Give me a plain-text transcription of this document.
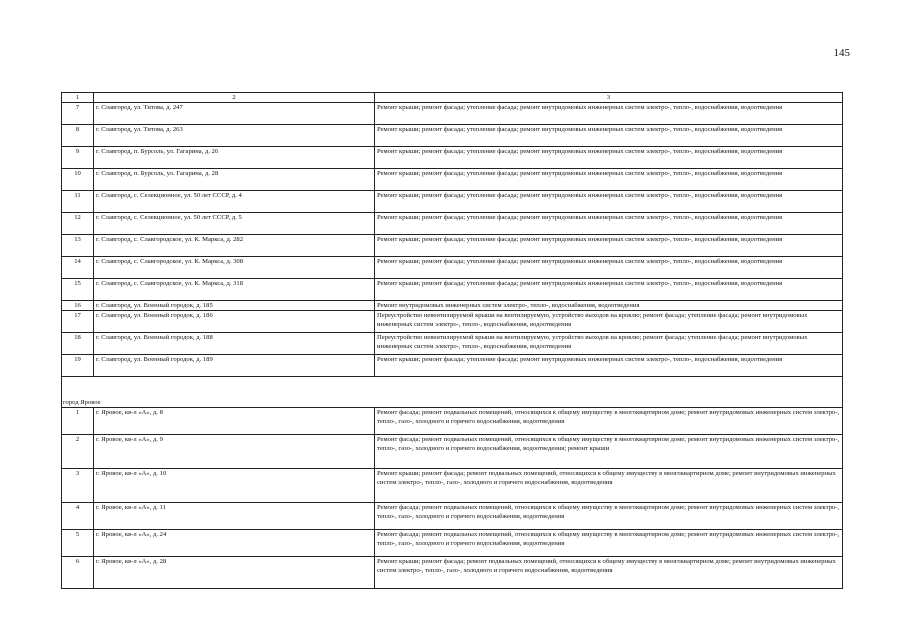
145
1	2	3
7	г. Славгород, ул. Титова, д. 247	Ремонт крыши; ремонт фасада; утепление фасада; ремонт внутридомовых инженерных систем электро-, тепло-, водоснабжения, водоотведения
8	г. Славгород, ул. Титова, д. 263	Ремонт крыши; ремонт фасада; утепление фасада; ремонт внутридомовых инженерных систем электро-, тепло-, водоснабжения, водоотведения
9	г. Славгород, п. Бурсоль, ул. Гагарина, д. 26	Ремонт крыши; ремонт фасада; утепление фасада; ремонт внутридомовых инженерных систем электро-, тепло-, водоснабжения, водоотведения
10	г. Славгород, п. Бурсоль, ул. Гагарина, д. 28	Ремонт крыши; ремонт фасада; утепление фасада; ремонт внутридомовых инженерных систем электро-, тепло-, водоснабжения, водоотведения
11	г. Славгород, с. Селекционное, ул. 50 лет СССР, д. 4	Ремонт крыши; ремонт фасада; утепление фасада; ремонт внутридомовых инженерных систем электро-, тепло-, водоснабжения, водоотведения
12	г. Славгород, с. Селекционное, ул. 50 лет СССР, д. 5	Ремонт крыши; ремонт фасада; утепление фасада; ремонт внутридомовых инженерных систем электро-, тепло-, водоснабжения, водоотведения
13	г. Славгород, с. Славгородское, ул. К. Маркса, д. 282	Ремонт крыши; ремонт фасада; утепление фасада; ремонт внутридомовых инженерных систем электро-, тепло-, водоснабжения, водоотведения
14	г. Славгород, с. Славгородское, ул. К. Маркса, д. 308	Ремонт крыши; ремонт фасада; утепление фасада; ремонт внутридомовых инженерных систем электро-, тепло-, водоснабжения, водоотведения
15	г. Славгород, с. Славгородское, ул. К. Маркса, д. 318	Ремонт крыши; ремонт фасада; утепление фасада; ремонт внутридомовых инженерных систем электро-, тепло-, водоснабжения, водоотведения
16	г. Славгород, ул. Военный городок, д. 185	Ремонт внутридомовых инженерных систем электро-, тепло-, водоснабжения, водоотведения
17	г. Славгород, ул. Военный городок, д. 186	Переустройство невентилируемой крыши на вентилируемую, устройство выходов на кровлю; ремонт фасада; утепление фасада; ремонт внутридомовых инженерных систем электро-, тепло-, водоснабжения, водоотведения
18	г. Славгород, ул. Военный городок, д. 188	Переустройство невентилируемой крыши на вентилируемую, устройство выходов на кровлю; ремонт фасада; утепление фасада; ремонт внутридомовых инженерных систем электро-, тепло-, водоснабжения, водоотведения
19	г. Славгород, ул. Военный городок, д. 189	Ремонт крыши; ремонт фасада; утепление фасада; ремонт внутридомовых инженерных систем электро-, тепло-, водоснабжения, водоотведения

город Яровое		
1	г. Яровое, кв-л «А», д. 8	Ремонт фасада; ремонт подвальных помещений, относящихся к общему имуществу в многоквартирном доме; ремонт внутридомовых инженерных систем электро-, тепло-, газо-, холодного и горячего водоснабжения, водоотведения
2	г. Яровое, кв-л «А», д. 9	Ремонт фасада; ремонт подвальных помещений, относящихся к общему имуществу в многоквартирном доме; ремонт внутридомовых инженерных систем электро-, тепло-, газо-, холодного и горячего водоснабжения, водоотведения; ремонт крыши
3	г. Яровое, кв-л «А», д. 10	Ремонт крыши; ремонт фасада; ремонт подвальных помещений, относящихся к общему имуществу в многоквартирном доме; ремонт внутридомовых инженерных систем электро-, тепло-, газо-, холодного и горячего водоснабжения, водоотведения
4	г. Яровое, кв-л «А», д. 11	Ремонт фасада; ремонт подвальных помещений, относящихся к общему имуществу в многоквартирном доме; ремонт внутридомовых инженерных систем электро-, тепло-, газо-, холодного и горячего водоснабжения, водоотведения
5	г. Яровое, кв-л «А», д. 24	Ремонт фасада; ремонт подвальных помещений, относящихся к общему имуществу в многоквартирном доме; ремонт внутридомовых инженерных систем электро-, тепло-, газо-, холодного и горячего водоснабжения, водоотведения
6	г. Яровое, кв-л «А», д. 28	Ремонт крыши; ремонт фасада; ремонт подвальных помещений, относящихся к общему имуществу в многоквартирном доме; ремонт внутридомовых инженерных систем электро-, тепло-, газо-, холодного и горячего водоснабжения, водоотведения
